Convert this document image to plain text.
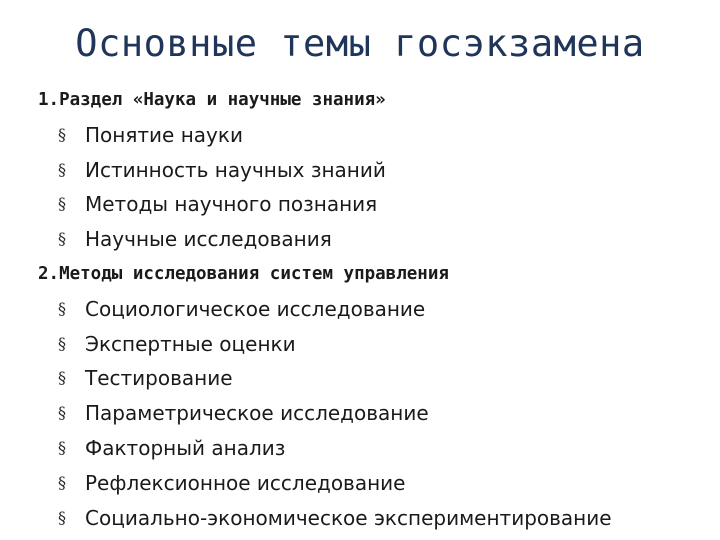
Основные темы госэкзамена
1.Раздел «Наука и научные знания»
§ Понятие науки
§ Истинность научных знаний
§ Методы научного познания
§ Научные исследования
2.Методы исследования систем управления
§ Социологическое исследование
§ Экспертные оценки
§ Тестирование
§ Параметрическое исследование
§ Факторный анализ
§ Рефлексионное исследование
§ Социально-экономическое экспериментирование
